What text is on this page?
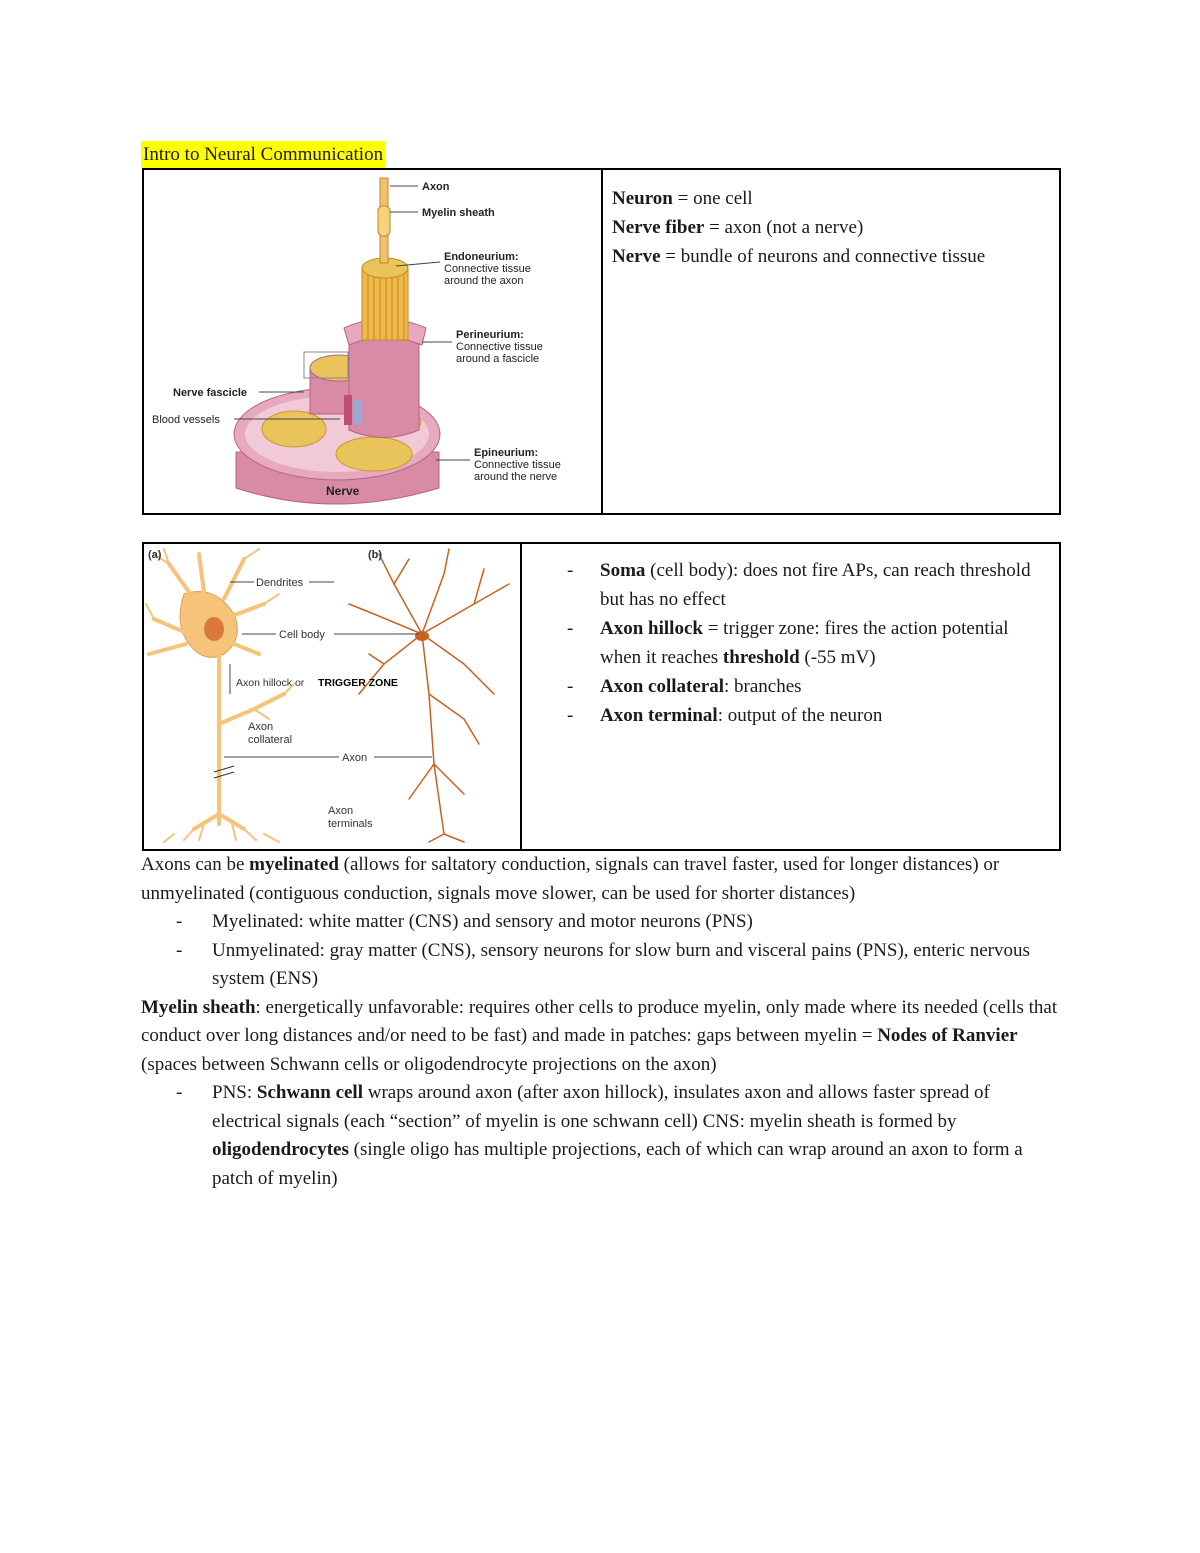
Intro to Neural Communication
Axon
Myelin sheath
Endoneurium:
Connective tissue
around the axon
Perineurium:
Connective tissue
around a fascicle
Nerve fascicle
Blood vessels
Epineurium:
Connective tissue
around the nerve
Nerve
Neuron = one cell
Nerve fiber = axon (not a nerve)
Nerve = bundle of neurons and connective tissue
(a)	(b)
Dendrites
Cell body
Axon hillock or TRIGGER ZONE
Axon
collateral
Axon
Axon
terminals
- Soma (cell body): does not fire APs, can reach threshold but has no effect
- Axon hillock = trigger zone: fires the action potential when it reaches threshold (-55 mV)
- Axon collateral: branches
- Axon terminal: output of the neuron

Axons can be myelinated (allows for saltatory conduction, signals can travel faster, used for longer distances) or unmyelinated (contiguous conduction, signals move slower, can be used for shorter distances)

- Myelinated: white matter (CNS) and sensory and motor neurons (PNS)
- Unmyelinated: gray matter (CNS), sensory neurons for slow burn and visceral pains (PNS), enteric nervous system (ENS)

Myelin sheath: energetically unfavorable: requires other cells to produce myelin, only made where its needed (cells that conduct over long distances and/or need to be fast) and made in patches: gaps between myelin = Nodes of Ranvier (spaces between Schwann cells or oligodendrocyte projections on the axon)

- PNS: Schwann cell wraps around axon (after axon hillock), insulates axon and allows faster spread of electrical signals (each “section” of myelin is one schwann cell) CNS: myelin sheath is formed by oligodendrocytes (single oligo has multiple projections, each of which can wrap around an axon to form a patch of myelin)
